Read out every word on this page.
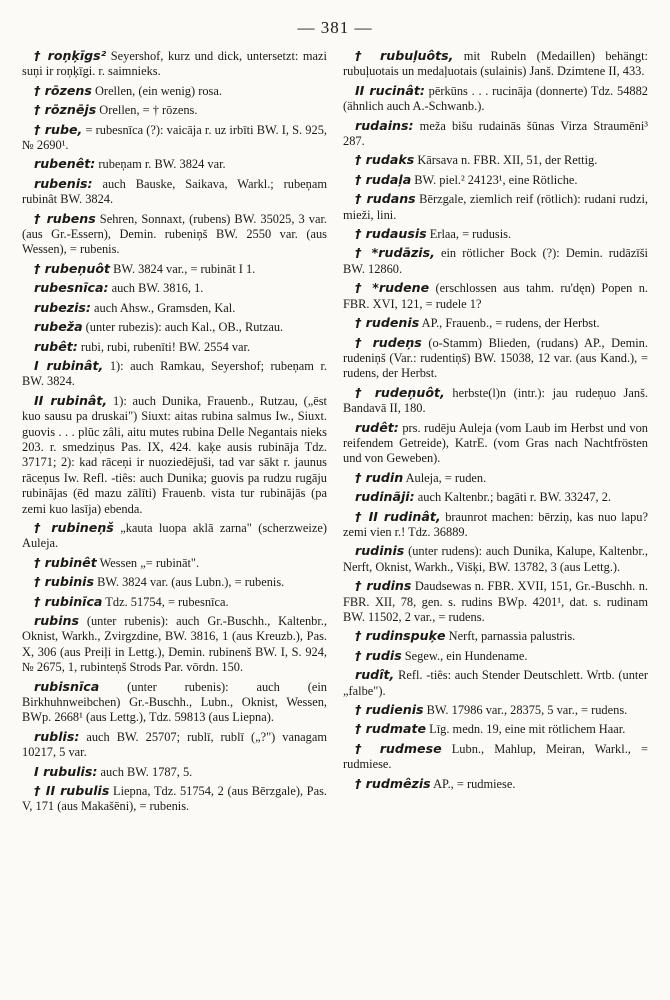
— 381 —
† roņķīgs² Seyershof, kurz und dick, untersetzt: mazi suņi ir roņķīgi. r. saimnieks.
† rōzens Orellen, (ein wenig) rosa.
† rōznējs Orellen, = † rōzens.
† rube, = rubesnīca (?): vaicāja r. uz irbīti BW. I, S. 925, № 2690¹.
rubenêt: rubeņam r. BW. 3824 var.
rubenis: auch Bauske, Saikava, Warkl.; rubeņam rubinât BW. 3824.
† rubens Sehren, Sonnaxt, (rubens) BW. 35025, 3 var. (aus Gr.-Essern), Demin. rubeniņš BW. 2550 var. (aus Wessen), = rubenis.
† rubeņuôt BW. 3824 var., = rubināt I 1.
rubesnīca: auch BW. 3816, 1.
rubezis: auch Ahsw., Gramsden, Kal.
rubeža (unter rubezis): auch Kal., OB., Rutzau.
rubêt: rubi, rubi, rubenīti! BW. 2554 var.
I rubinât, 1): auch Ramkau, Seyershof; rubeņam r. BW. 3824.
II rubinât, 1): auch Dunika, Frauenb., Rutzau, („ēst kuo sausu pa druskai") Siuxt: aitas rubina salmus Iw., Siuxt. guovis . . . plūc zâli, aitu mutes rubina Delle Negantais nieks 203. r. smedziņus Pas. IX, 424. kaķe ausis rubināja Tdz. 37171; 2): kad rāceņi ir nuoziedējuši, tad var sākt r. jaunus rāceņus Iw. Refl. -tiês: auch Dunika; guovis pa rudzu rugāju rubinājas (ēd mazu zālīti) Frauenb. vista tur rubinājās (pa zemi kuo lasīja) ebenda.
† rubineņš „kauta luopa aklā zarna" (scherzweize) Auleja.
† rubinêt Wessen „= rubināt".
† rubinis BW. 3824 var. (aus Lubn.), = rubenis.
† rubinīca Tdz. 51754, = rubesnīca.
rubins (unter rubenis): auch Gr.-Buschh., Kaltenbr., Oknist, Warkh., Zvirgzdine, BW. 3816, 1 (aus Kreuzb.), Pas. X, 306 (aus Preiļi in Lettg.), Demin. rubinenš BW. I, S. 924, № 2675, 1, rubinteņš Strods Par. vōrdn. 150.
rubisnīca (unter rubenis): auch (ein Birkhuhnweibchen) Gr.-Buschh., Lubn., Oknist, Wessen, BWp. 2668¹ (aus Lettg.), Tdz. 59813 (aus Liepna).
rublis: auch BW. 25707; rublī, rublī („?") vanagam 10217, 5 var.
I rubulis: auch BW. 1787, 5.
† II rubulis Liepna, Tdz. 51754, 2 (aus Bērzgale), Pas. V, 171 (aus Makašēni), = rubenis.
† rubuļuôts, mit Rubeln (Medaillen) behängt: rubuļuotais un medaļuotais (sulainis) Janš. Dzimtene II, 433.
II rucinât: pērkūns . . . rucināja (donnerte) Tdz. 54882 (ähnlich auch A.-Schwanb.).
rudains: meža bišu rudainās šūnas Virza Straumēni³ 287.
† rudaks Kārsava n. FBR. XII, 51, der Rettig.
† rudaļa BW. piel.² 24123¹, eine Rötliche.
† rudans Bērzgale, ziemlich reif (rötlich): rudani rudzi, mieži, lini.
† rudausis Erlaa, = rudusis.
† *rudāzis, ein rötlicher Bock (?): Demin. rudāzīši BW. 12860.
† *rudene (erschlossen aus tahm. ru'dęn) Popen n. FBR. XVI, 121, = rudele 1?
† rudenis AP., Frauenb., = rudens, der Herbst.
† rudeņs (o-Stamm) Blieden, (rudans) AP., Demin. rudeniņš (Var.: rudentiņš) BW. 15038, 12 var. (aus Kand.), = rudens, der Herbst.
† rudeņuôt, herbste(l)n (intr.): jau rudeņuo Janš. Bandavā II, 180.
rudêt: prs. rudēju Auleja (vom Laub im Herbst und von reifendem Getreide), KatrE. (vom Gras nach Nachtfrösten und von Geweben).
† rudin Auleja, = ruden.
rudinãji: auch Kaltenbr.; bagāti r. BW. 33247, 2.
† II rudinât, braunrot machen: bērziņ, kas nuo lapu? zemi vien r.! Tdz. 36889.
rudinis (unter rudens): auch Dunika, Kalupe, Kaltenbr., Nerft, Oknist, Warkh., Višķi, BW. 13782, 3 (aus Lettg.).
† rudins Daudsewas n. FBR. XVII, 151, Gr.-Buschh. n. FBR. XII, 78, gen. s. rudins BWp. 4201¹, dat. s. rudinam BW. 11502, 2 var., = rudens.
† rudinspuķe Nerft, parnassia palustris.
† rudis Segew., ein Hundename.
rudît, Refl. -tiês: auch Stender Deutschlett. Wrtb. (unter „falbe").
† rudienis BW. 17986 var., 28375, 5 var., = rudens.
† rudmate Līg. medn. 19, eine mit rötlichem Haar.
† rudmese Lubn., Mahlup, Meiran, Warkl., = rudmiese.
† rudmêzis AP., = rudmiese.
